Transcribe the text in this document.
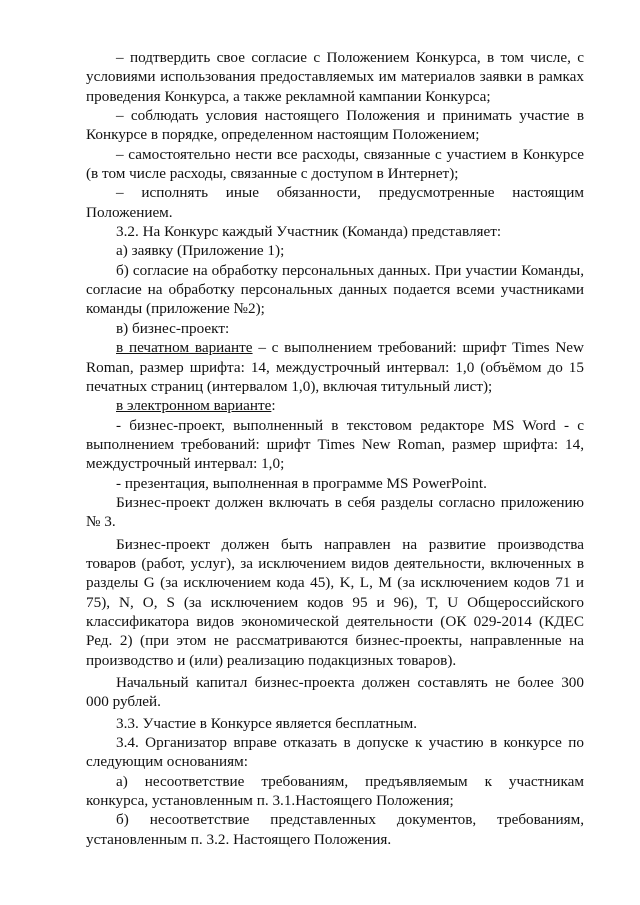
– подтвердить свое согласие с Положением Конкурса, в том числе, с условиями использования предоставляемых им материалов заявки в рамках проведения Конкурса, а также рекламной кампании Конкурса;

– соблюдать условия настоящего Положения и принимать участие в Конкурсе в порядке, определенном настоящим Положением;

– самостоятельно нести все расходы, связанные с участием в Конкурсе (в том числе расходы, связанные с доступом в Интернет);

– исполнять иные обязанности, предусмотренные настоящим Положением.

3.2. На Конкурс каждый Участник (Команда) представляет:

а) заявку (Приложение 1);

б) согласие на обработку персональных данных. При участии Команды, согласие на обработку персональных данных подается всеми участниками команды (приложение №2);

в) бизнес-проект:

в печатном варианте – с выполнением требований: шрифт Times New Roman, размер шрифта: 14, междустрочный интервал: 1,0 (объёмом до 15 печатных страниц (интервалом 1,0), включая титульный лист);

в электронном варианте:

- бизнес-проект, выполненный в текстовом редакторе MS Word - с выполнением требований: шрифт Times New Roman, размер шрифта: 14, междустрочный интервал: 1,0;

- презентация, выполненная в программе MS PowerPoint.

Бизнес-проект должен включать в себя разделы согласно приложению № 3.

Бизнес-проект должен быть направлен на развитие производства товаров (работ, услуг), за исключением видов деятельности, включенных в разделы G (за исключением кода 45), K, L, M (за исключением кодов 71 и 75), N, O, S (за исключением кодов 95 и 96), T, U Общероссийского классификатора видов экономической деятельности (ОК 029-2014 (КДЕС Ред. 2) (при этом не рассматриваются бизнес-проекты, направленные на производство и (или) реализацию подакцизных товаров).

Начальный капитал бизнес-проекта должен составлять не более 300 000 рублей.

3.3. Участие в Конкурсе является бесплатным.

3.4. Организатор вправе отказать в допуске к участию в конкурсе по следующим основаниям:

а) несоответствие требованиям, предъявляемым к участникам конкурса, установленным п. 3.1.Настоящего Положения;

б) несоответствие представленных документов, требованиям, установленным п. 3.2. Настоящего Положения.
